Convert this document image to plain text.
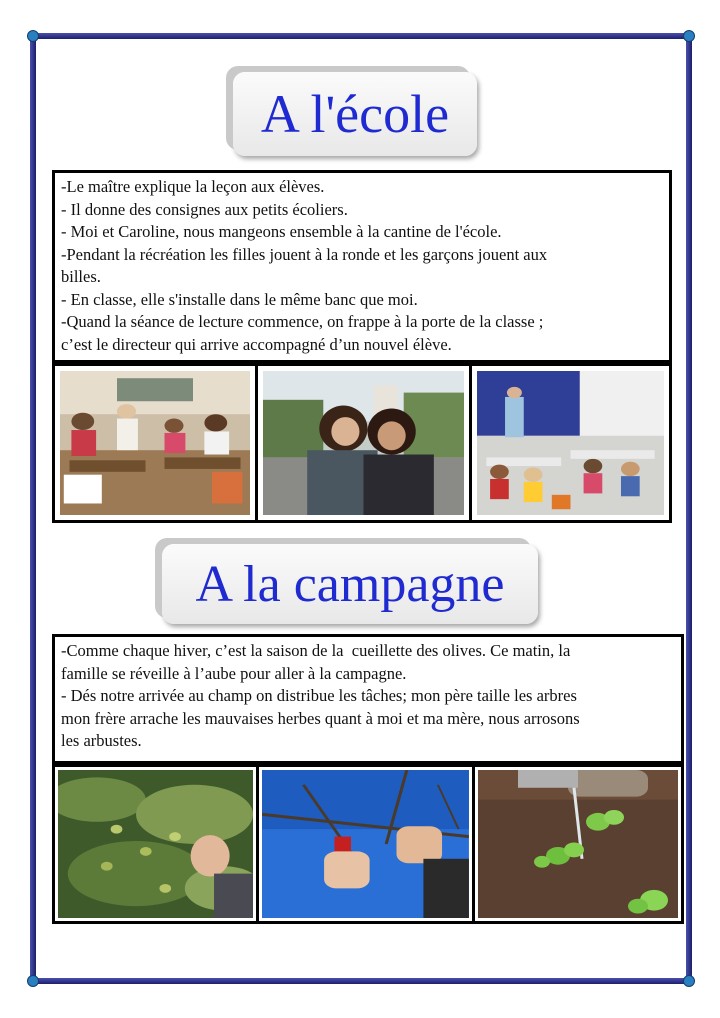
A l'école
-Le maître explique la leçon aux élèves.
- Il donne des consignes aux petits écoliers.
- Moi et Caroline, nous mangeons ensemble à la cantine de l'école.
-Pendant la récréation les filles jouent à la ronde et les garçons jouent aux
billes.
- En classe, elle s'installe dans le même banc que moi.
-Quand la séance de lecture commence, on frappe à la porte de la classe ;
c’est le directeur qui arrive accompagné d’un nouvel élève.
A la campagne
-Comme chaque hiver, c’est la saison de la  cueillette des olives. Ce matin, la
famille se réveille à l’aube pour aller à la campagne.
- Dés notre arrivée au champ on distribue les tâches; mon père taille les arbres
mon frère arrache les mauvaises herbes quant à moi et ma mère, nous arrosons
les arbustes.
